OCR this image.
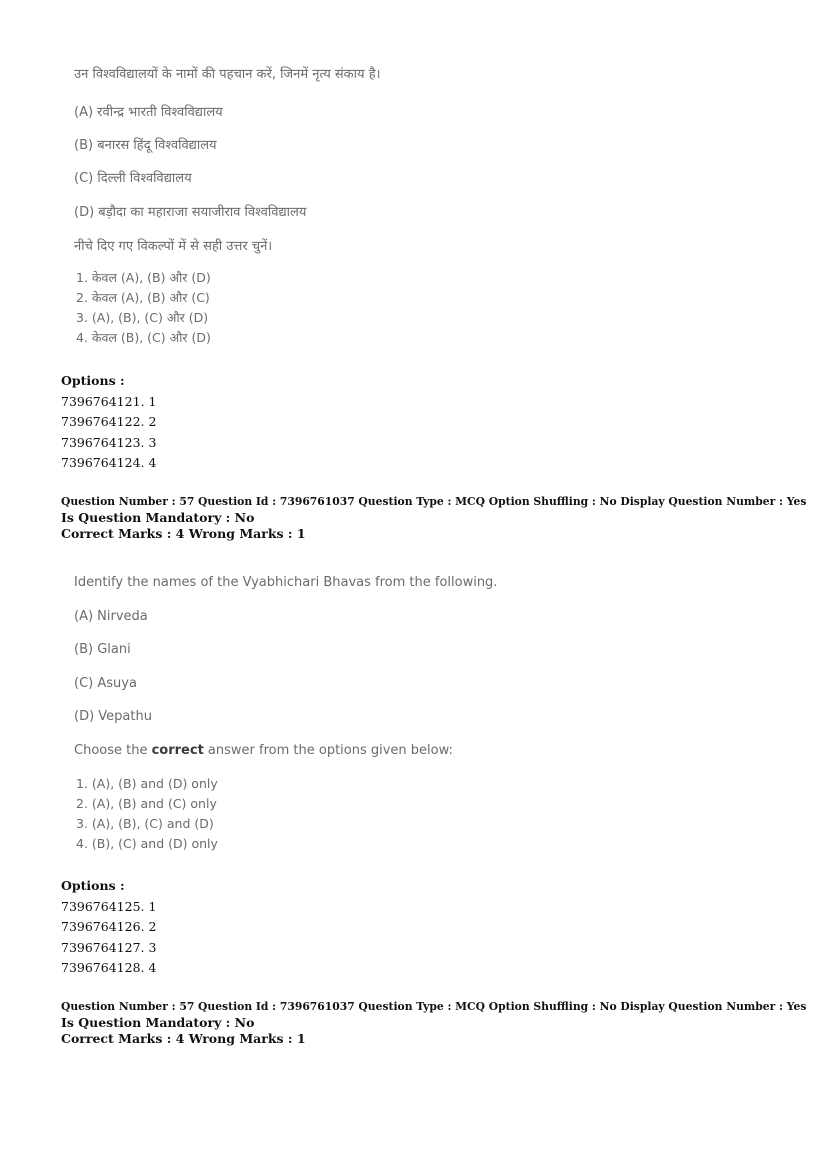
उन विश्वविद्यालयों के नामों की पहचान करें, जिनमें नृत्य संकाय है।
(A) रवीन्द्र भारती विश्वविद्यालय
(B) बनारस हिंदू विश्वविद्यालय
(C) दिल्ली विश्वविद्यालय
(D) बड़ौदा का महाराजा सयाजीराव विश्वविद्यालय
नीचे दिए गए विकल्पों में से सही उत्तर चुनें।
1. केवल (A), (B) और (D)
2. केवल (A), (B) और (C)
3. (A), (B), (C) और (D)
4. केवल (B), (C) और (D)
Options :
7396764121. 1
7396764122. 2
7396764123. 3
7396764124. 4
Question Number : 57 Question Id : 7396761037 Question Type : MCQ Option Shuffling : No Display Question Number : Yes
Is Question Mandatory : No
Correct Marks : 4 Wrong Marks : 1
Identify the names of the Vyabhichari Bhavas from the following.
(A) Nirveda
(B) Glani
(C) Asuya
(D) Vepathu
Choose the correct answer from the options given below:
1. (A), (B) and (D) only
2. (A), (B) and (C) only
3. (A), (B), (C) and (D)
4. (B), (C) and (D) only
Options :
7396764125. 1
7396764126. 2
7396764127. 3
7396764128. 4
Question Number : 57 Question Id : 7396761037 Question Type : MCQ Option Shuffling : No Display Question Number : Yes
Is Question Mandatory : No
Correct Marks : 4 Wrong Marks : 1
